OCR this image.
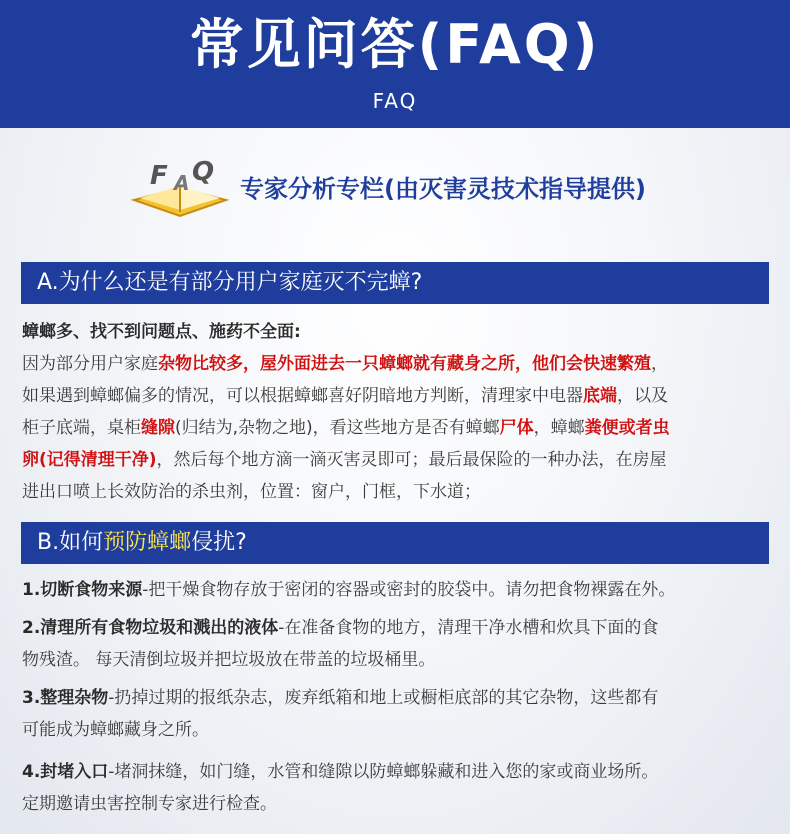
常见问答(FAQ)
FAQ
F A Q
专家分析专栏(由灭害灵技术指导提供)
A.为什么还是有部分用户家庭灭不完蟑?
蟑螂多、找不到问题点、施药不全面:
因为部分用户家庭杂物比较多，屋外面进去一只蟑螂就有藏身之所，他们会快速繁殖，
如果遇到蟑螂偏多的情况，可以根据蟑螂喜好阴暗地方判断，清理家中电器底端，以及
柜子底端，桌柜缝隙(归结为,杂物之地)，看这些地方是否有蟑螂尸体，蟑螂粪便或者虫
卵(记得清理干净)，然后每个地方滴一滴灭害灵即可；最后最保险的一种办法，在房屋
进出口喷上长效防治的杀虫剂，位置：窗户，门框，下水道；
B.如何预防蟑螂侵扰?
1.切断食物来源-把干燥食物存放于密闭的容器或密封的胶袋中。请勿把食物裸露在外。
2.清理所有食物垃圾和溅出的液体-在准备食物的地方，清理干净水槽和炊具下面的食
物残渣。 每天清倒垃圾并把垃圾放在带盖的垃圾桶里。
3.整理杂物-扔掉过期的报纸杂志，废弃纸箱和地上或橱柜底部的其它杂物，这些都有
可能成为蟑螂藏身之所。
4.封堵入口-堵洞抹缝，如门缝，水管和缝隙以防蟑螂躲藏和进入您的家或商业场所。
定期邀请虫害控制专家进行检查。
